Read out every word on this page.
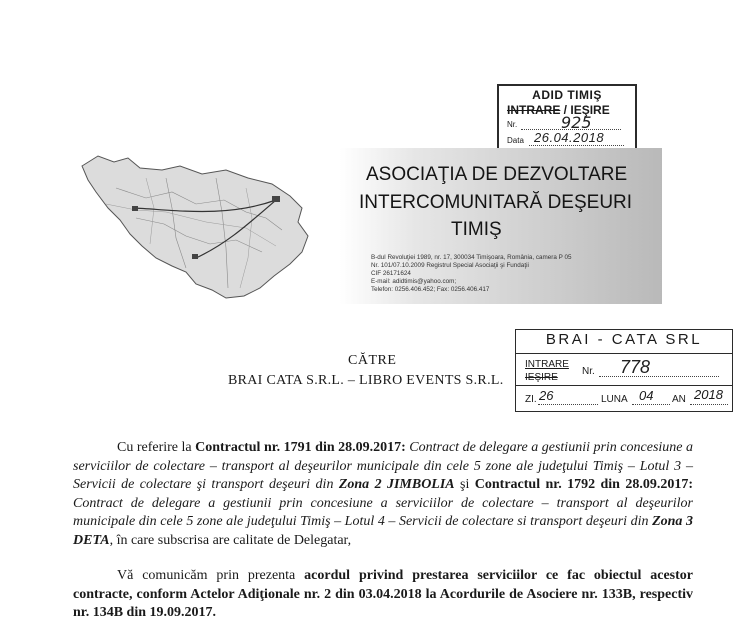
ADID TIMIŞ
INTRARE / IEŞIRE
Nr.	925
Data 26.04.2018
ASOCIAŢIA DE DEZVOLTARE
INTERCOMUNITARĂ DEŞEURI
TIMIŞ
B-dul Revoluţiei 1989, nr. 17, 300034 Timişoara, România, camera P 05
Nr. 101/07.10.2009 Registrul Special Asociaţii şi Fundaţii
CIF 26171624
E-mail: adidtimis@yahoo.com;
Telefon: 0256.406.452; Fax: 0256.406.417
BRAI - CATA SRL
INTRARE
IEŞIRE
Nr. 778
ZI. 26	LUNA 04 AN 2018
CĂTRE
BRAI CATA S.R.L. – LIBRO EVENTS S.R.L.
Cu referire la Contractul nr. 1791 din 28.09.2017: Contract de delegare a gestiunii prin concesiune a serviciilor de colectare – transport al deşeurilor municipale din cele 5 zone ale judeţului Timiş – Lotul 3 – Servicii de colectare şi transport deşeuri din Zona 2 JIMBOLIA şi Contractul nr. 1792 din 28.09.2017: Contract de delegare a gestiunii prin concesiune a serviciilor de colectare – transport al deşeurilor municipale din cele 5 zone ale judeţului Timiş – Lotul 4 – Servicii de colectare si transport deşeuri din Zona 3 DETA, în care subscrisa are calitate de Delegatar,
Vă comunicăm prin prezenta acordul privind prestarea serviciilor ce fac obiectul acestor contracte, conform Actelor Adiţionale nr. 2 din 03.04.2018 la Acordurile de Asociere nr. 133B, respectiv nr. 134B din 19.09.2017.
